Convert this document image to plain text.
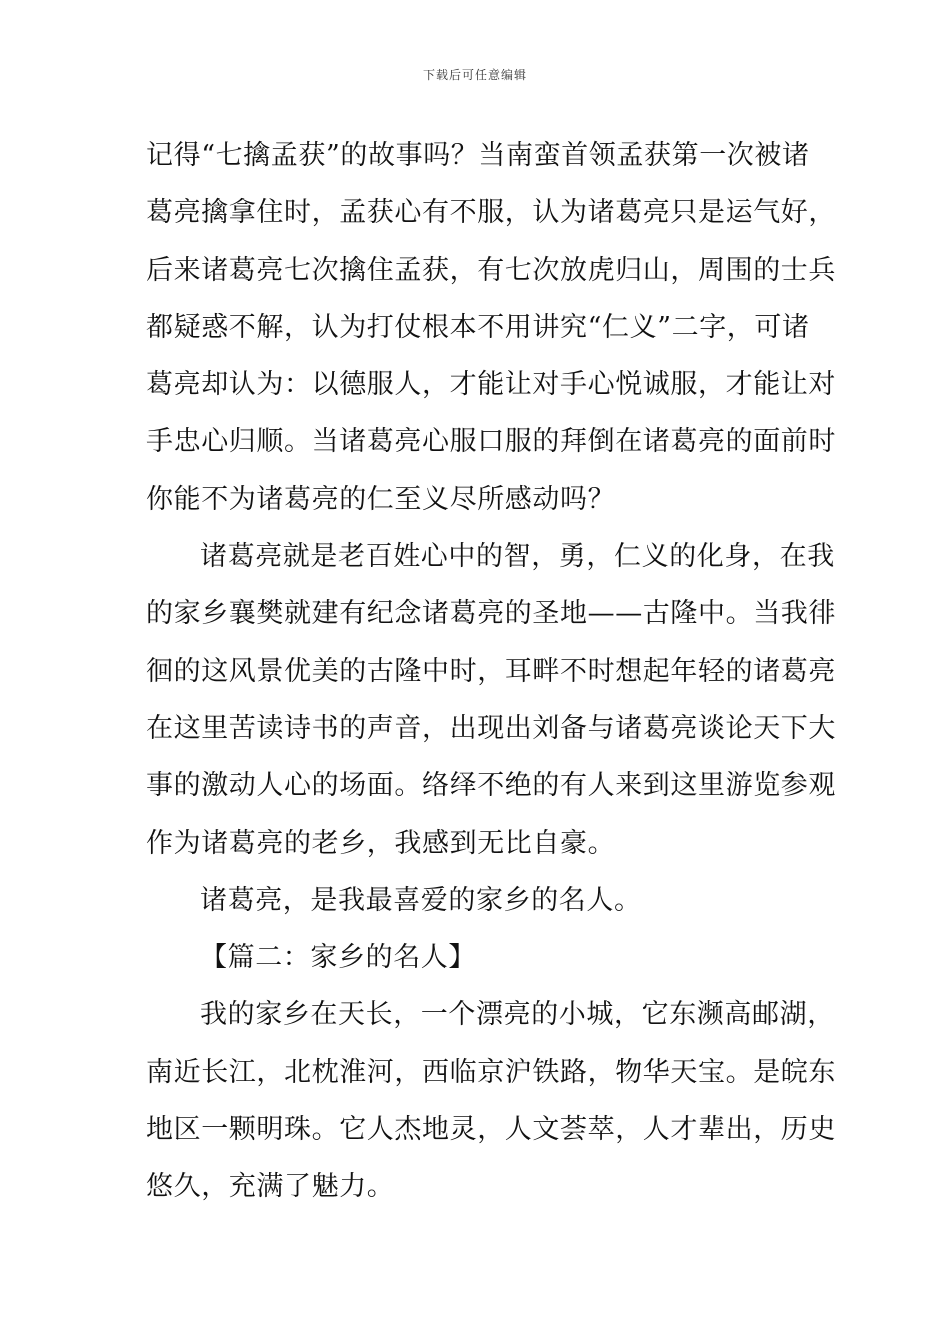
下载后可任意编辑
记得“七擒孟获”的故事吗？当南蛮首领孟获第一次被诸
葛亮擒拿住时，孟获心有不服，认为诸葛亮只是运气好，
后来诸葛亮七次擒住孟获，有七次放虎归山，周围的士兵
都疑惑不解，认为打仗根本不用讲究“仁义”二字，可诸
葛亮却认为：以德服人，才能让对手心悦诚服，才能让对
手忠心归顺。当诸葛亮心服口服的拜倒在诸葛亮的面前时
你能不为诸葛亮的仁至义尽所感动吗？
诸葛亮就是老百姓心中的智，勇，仁义的化身，在我
的家乡襄樊就建有纪念诸葛亮的圣地——古隆中。当我徘
徊的这风景优美的古隆中时，耳畔不时想起年轻的诸葛亮
在这里苦读诗书的声音，出现出刘备与诸葛亮谈论天下大
事的激动人心的场面。络绎不绝的有人来到这里游览参观
作为诸葛亮的老乡，我感到无比自豪。
诸葛亮，是我最喜爱的家乡的名人。
【篇二：家乡的名人】
我的家乡在天长，一个漂亮的小城，它东濒高邮湖，
南近长江，北枕淮河，西临京沪铁路，物华天宝。是皖东
地区一颗明珠。它人杰地灵，人文荟萃，人才辈出，历史
悠久，充满了魅力。
